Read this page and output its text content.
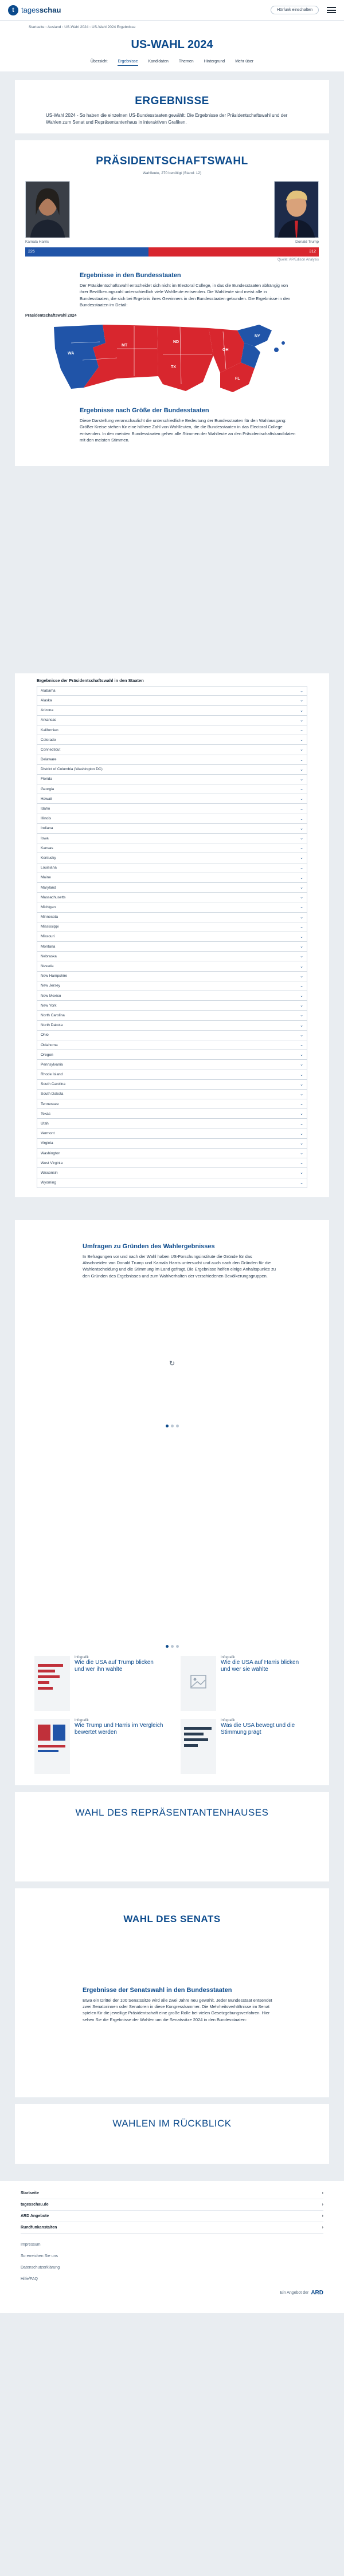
t tagesschau	Hörfunk einschalten
Startseite › Ausland › US-Wahl 2024 › US-Wahl 2024 Ergebnisse
US-WAHL 2024
Übersicht	Ergebnisse	Kandidaten	Themen	Hintergrund	Mehr über
ERGEBNISSE

US-Wahl 2024 - So haben die einzelnen US-Bundesstaaten gewählt: Die Ergebnisse der Präsidentschaftswahl und der Wahlen zum Senat und Repräsentantenhaus in interaktiven Grafiken.

PRÄSIDENTSCHAFTSWAHL

Wahlleute, 270 benötigt (Stand: 12)

Kamala Harris	Donald Trump
226	312

Quelle: AP/Edison Analysis

Ergebnisse in den Bundesstaaten

Der Präsidentschaftswahl entscheidet sich nicht im Electoral College, in das die Bundesstaaten abhängig von ihrer Bevölkerungszahl unterschiedlich viele Wahlleute entsenden. Die Wahlleute sind meist alle in Bundesstaaten, die sich bei Ergebnis ihres Gewinners in den Bundesstaaten gebunden. Die Ergebnisse in den Bundesstaaten im Detail:

Präsidentschaftswahl 2024

WA
MT
ND
TX
OH
FL
NY
Ergebnisse nach Größe der Bundesstaaten

Diese Darstellung veranschaulicht die unterschiedliche Bedeutung der Bundesstaaten für den Wahlausgang: Größer Kreise stehen für eine höhere Zahl von Wahlleuten, die die Bundesstaaten in das Electoral College entsenden. In den meisten Bundesstaaten gehen alle Stimmen der Wahlleute an den Präsidentschaftskandidaten mit den meisten Stimmen.

Ergebnisse der Präsidentschaftswahl in den Staaten

Alabama	⌄
Alaska	⌄
Arizona	⌄
Arkansas	⌄
Kalifornien	⌄
Colorado	⌄
Connecticut	⌄
Delaware	⌄
District of Columbia (Washington DC)	⌄
Florida	⌄
Georgia	⌄
Hawaii	⌄
Idaho	⌄
Illinois	⌄
Indiana	⌄
Iowa	⌄
Kansas	⌄
Kentucky	⌄
Louisiana	⌄
Maine	⌄
Maryland	⌄
Massachusetts	⌄
Michigan	⌄
Minnesota	⌄
Mississippi	⌄
Missouri	⌄
Montana	⌄
Nebraska	⌄
Nevada	⌄
New Hampshire	⌄
New Jersey	⌄
New Mexico	⌄
New York	⌄
North Carolina	⌄
North Dakota	⌄
Ohio	⌄
Oklahoma	⌄
Oregon	⌄
Pennsylvania	⌄
Rhode Island	⌄
South Carolina	⌄
South Dakota	⌄
Tennessee	⌄
Texas	⌄
Utah	⌄
Vermont	⌄
Virginia	⌄
Washington	⌄
West Virginia	⌄
Wisconsin	⌄
Wyoming	⌄
Umfragen zu Gründen des Wahlergebnisses

In Befragungen vor und nach der Wahl haben US-Forschungsinstitute die Gründe für das Abschneiden von Donald Trump und Kamala Harris untersucht und auch nach den Gründen für die Wahlentscheidung und die Stimmung im Land gefragt. Die Ergebnisse helfen einige Anhaltspunkte zu den Gründen des Ergebnisses und zum Wahlverhalten der verschiedenen Bevölkerungsgruppen.

↻

Infografik

Wie die USA auf Trump blicken und wer ihn wählte

Infografik

Wie die USA auf Harris blicken und wer sie wählte

Infografik

Wie Trump und Harris im Vergleich bewertet werden

Infografik

Was die USA bewegt und die Stimmung prägt

WAHL DES REPRÄSENTANTENHAUSES
WAHL DES SENATS
Ergebnisse der Senatswahl in den Bundesstaaten

Etwa ein Drittel der 100 Senatssitze wird alle zwei Jahre neu gewählt. Jeder Bundesstaat entsendet zwei Senatorinnen oder Senatoren in diese Kongresskammer. Die Mehrheitsverhältnisse im Senat spielen für die jeweilige Präsidentschaft eine große Rolle bei vielen Gesetzgebungsverfahren. Hier sehen Sie die Ergebnisse der Wahlen um die Senatssitze 2024 in den Bundesstaaten:

WAHLEN IM RÜCKBLICK
Startseite	›
tagesschau.de	›
ARD Angebote	›
Rundfunkanstalten	›
Impressum
So erreichen Sie uns
Datenschutzerklärung
Hilfe/FAQ
Ein Angebot der ARD
